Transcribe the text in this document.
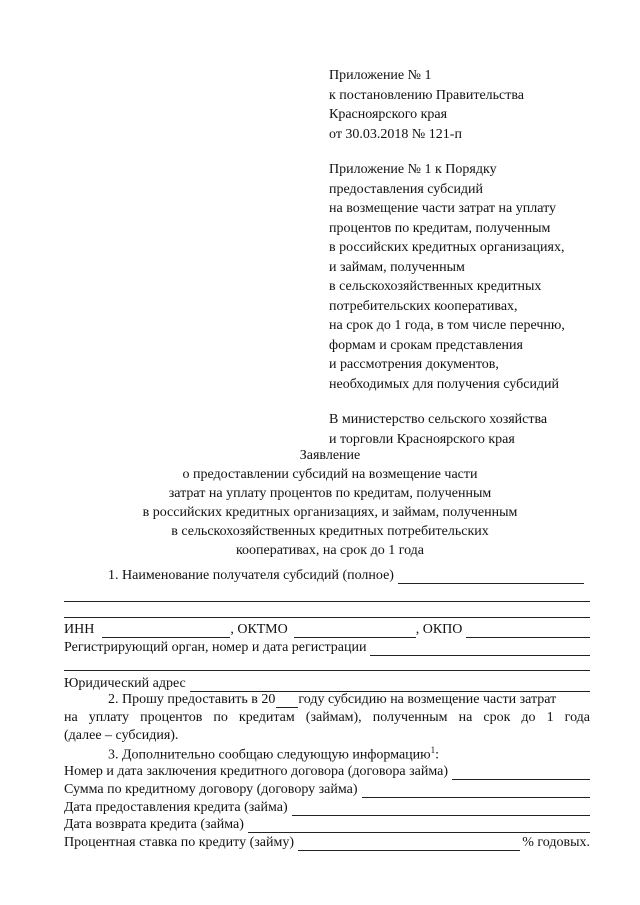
Приложение № 1
к постановлению Правительства
Красноярского края
от 30.03.2018 № 121-п
Приложение № 1 к Порядку
предоставления субсидий
на возмещение части затрат на уплату
процентов по кредитам, полученным
в российских кредитных организациях,
и займам, полученным
в сельскохозяйственных кредитных
потребительских кооперативах,
на срок до 1 года, в том числе перечню,
формам и срокам представления
и рассмотрения документов,
необходимых для получения субсидий
В министерство сельского хозяйства
и торговли Красноярского края
Заявление
о предоставлении субсидий на возмещение части
затрат на уплату процентов по кредитам, полученным
в российских кредитных организациях, и займам, полученным
в сельскохозяйственных кредитных потребительских
кооперативах, на срок до 1 года
1. Наименование получателя субсидий (полное)
ИНН	, ОКТМО	, ОКПО
Регистрирующий орган, номер и дата регистрации
Юридический адрес
2. Прошу предоставить в 20 году субсидию на возмещение части затрат
на уплату процентов по кредитам (займам), полученным на срок до 1 года
(далее – субсидия).
3. Дополнительно сообщаю следующую информацию$^1$:
Номер и дата заключения кредитного договора (договора займа)
Сумма по кредитному договору (договору займа)
Дата предоставления кредита (займа)
Дата возврата кредита (займа)
Процентная ставка по кредиту (займу)	% годовых.
